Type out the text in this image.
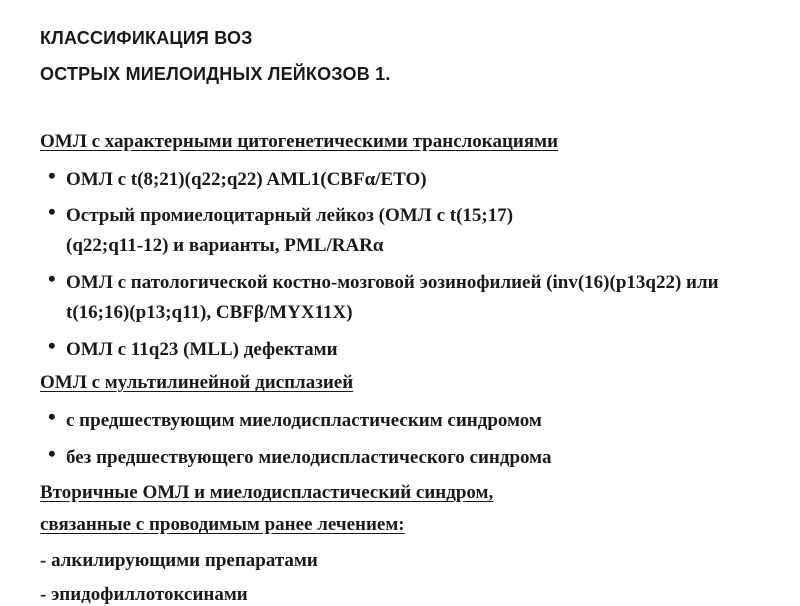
КЛАССИФИКАЦИЯ ВОЗ
ОСТРЫХ МИЕЛОИДНЫХ ЛЕЙКОЗОВ 1.
ОМЛ с характерными цитогенетическими транслокациями
• ОМЛ с t(8;21)(q22;q22) AML1(CBFα/ETO)
• Острый промиелоцитарный лейкоз (ОМЛ с t(15;17)(q22;q11-12) и варианты, PML/RARα
• ОМЛ с патологической костно-мозговой эозинофилией (inv(16)(p13q22) или t(16;16)(p13;q11), CBFβ/MYX11X)
• ОМЛ с 11q23 (MLL) дефектами
ОМЛ с мультилинейной дисплазией
• с предшествующим миелодиспластическим синдромом
• без предшествующего миелодиспластического синдрома
Вторичные ОМЛ и миелодиспластический синдром,
связанные с проводимым ранее лечением:
- алкилирующими препаратами
- эпидофиллотоксинами
